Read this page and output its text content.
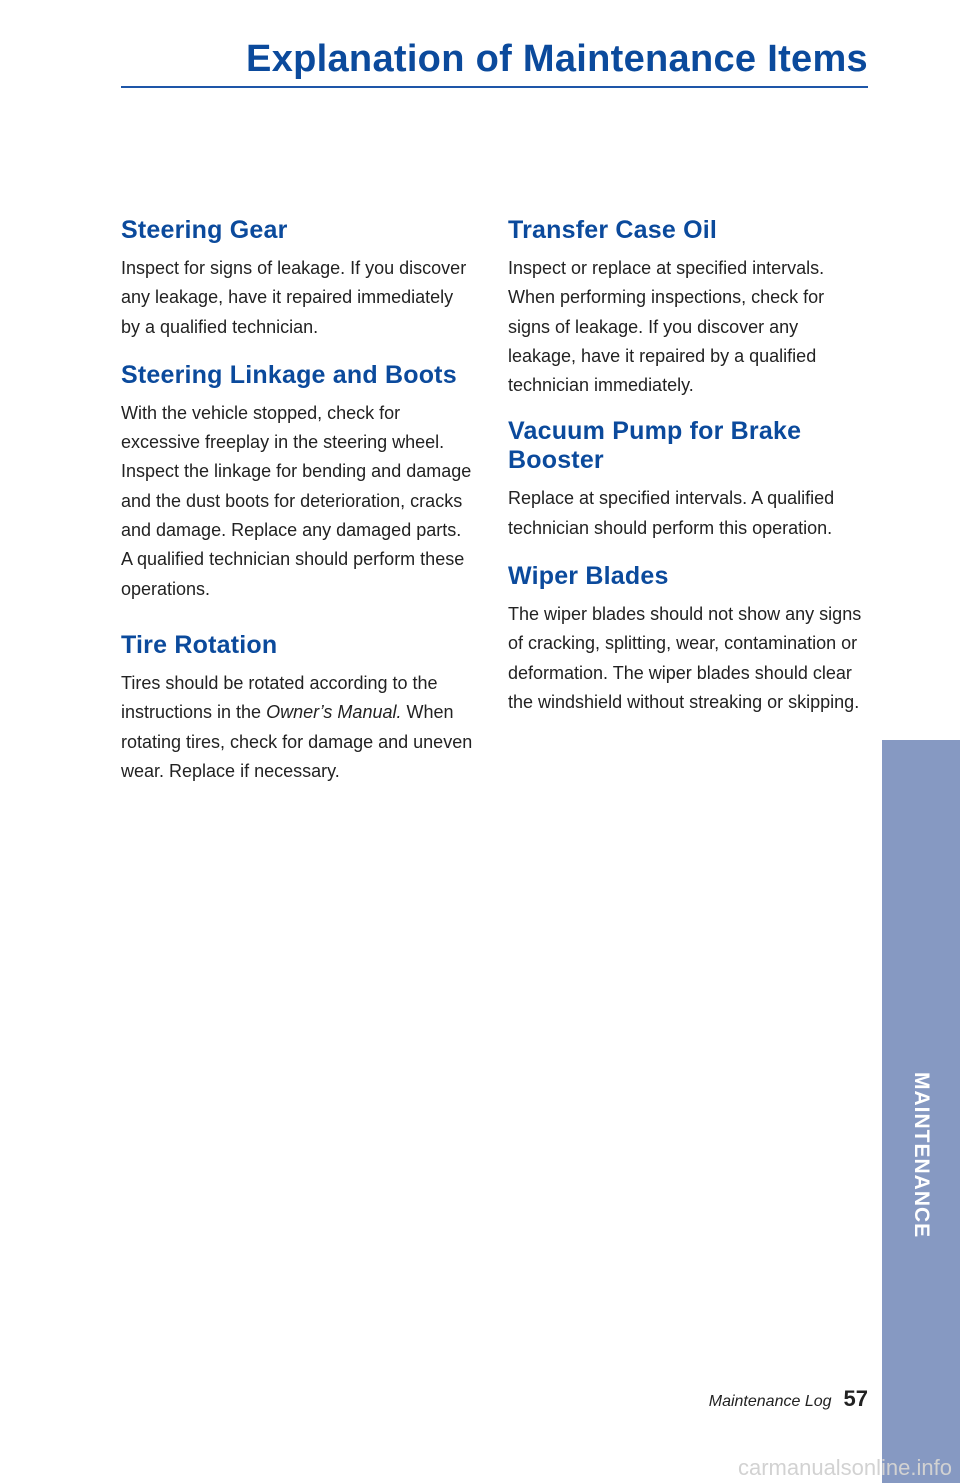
Explanation of Maintenance Items
Steering Gear

Inspect for signs of leakage. If you discover any leakage, have it repaired immediately by a qualified technician.

Steering Linkage and Boots

With the vehicle stopped, check for excessive freeplay in the steering wheel. Inspect the linkage for bending and damage and the dust boots for deterioration, cracks and damage. Replace any damaged parts. A qualified technician should perform these operations.

Tire Rotation

Tires should be rotated according to the instructions in the Owner’s Manual. When rotating tires, check for damage and uneven wear. Replace if necessary.

Transfer Case Oil

Inspect or replace at specified intervals. When performing inspections, check for signs of leakage. If you discover any leakage, have it repaired by a qualified technician immediately.

Vacuum Pump for Brake
Booster

Replace at specified intervals. A qualified technician should perform this operation.

Wiper Blades

The wiper blades should not show any signs of cracking, splitting, wear, contamination or deformation. The wiper blades should clear the windshield without streaking or skipping.

MAINTENANCE
Maintenance Log 57
carmanualsonline.info
